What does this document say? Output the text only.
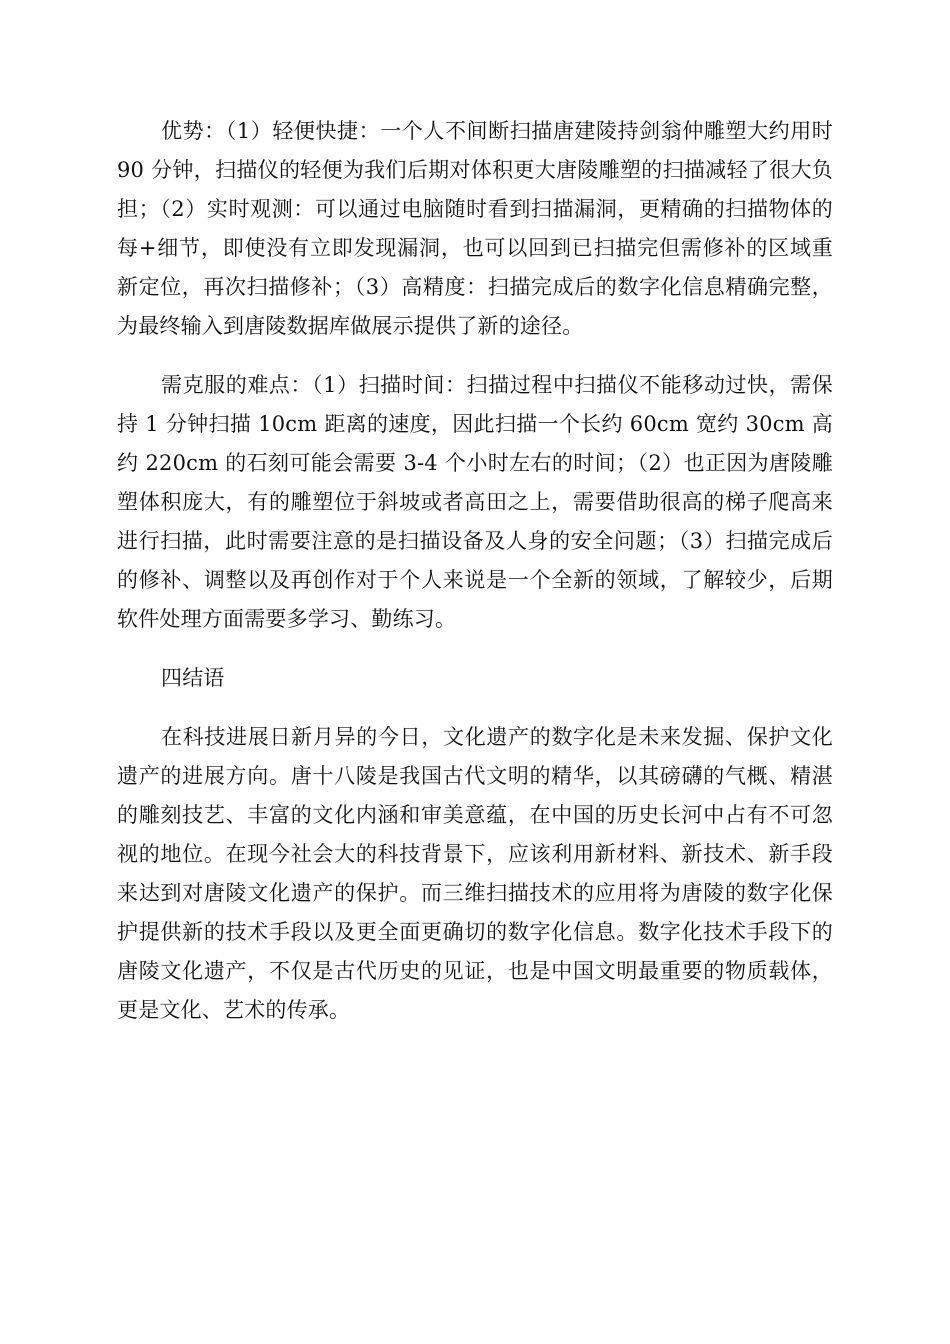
优势：（1）轻便快捷：一个人不间断扫描唐建陵持剑翁仲雕塑大约用时 90 分钟，扫描仪的轻便为我们后期对体积更大唐陵雕塑的扫描减轻了很大负担；（2）实时观测：可以通过电脑随时看到扫描漏洞，更精确的扫描物体的每+细节，即使没有立即发现漏洞，也可以回到已扫描完但需修补的区域重新定位，再次扫描修补；（3）高精度：扫描完成后的数字化信息精确完整，为最终输入到唐陵数据库做展示提供了新的途径。

需克服的难点：（1）扫描时间：扫描过程中扫描仪不能移动过快，需保持 1 分钟扫描 10cm 距离的速度，因此扫描一个长约 60cm 宽约 30cm 高约 220cm 的石刻可能会需要 3-4 个小时左右的时间；（2）也正因为唐陵雕塑体积庞大，有的雕塑位于斜坡或者高田之上，需要借助很高的梯子爬高来进行扫描，此时需要注意的是扫描设备及人身的安全问题；（3）扫描完成后的修补、调整以及再创作对于个人来说是一个全新的领域，了解较少，后期软件处理方面需要多学习、勤练习。

四结语

在科技进展日新月异的今日，文化遗产的数字化是未来发掘、保护文化遗产的进展方向。唐十八陵是我国古代文明的精华，以其磅礴的气概、精湛的雕刻技艺、丰富的文化内涵和审美意蕴，在中国的历史长河中占有不可忽视的地位。在现今社会大的科技背景下，应该利用新材料、新技术、新手段来达到对唐陵文化遗产的保护。而三维扫描技术的应用将为唐陵的数字化保护提供新的技术手段以及更全面更确切的数字化信息。数字化技术手段下的唐陵文化遗产，不仅是古代历史的见证，也是中国文明最重要的物质载体，更是文化、艺术的传承。
